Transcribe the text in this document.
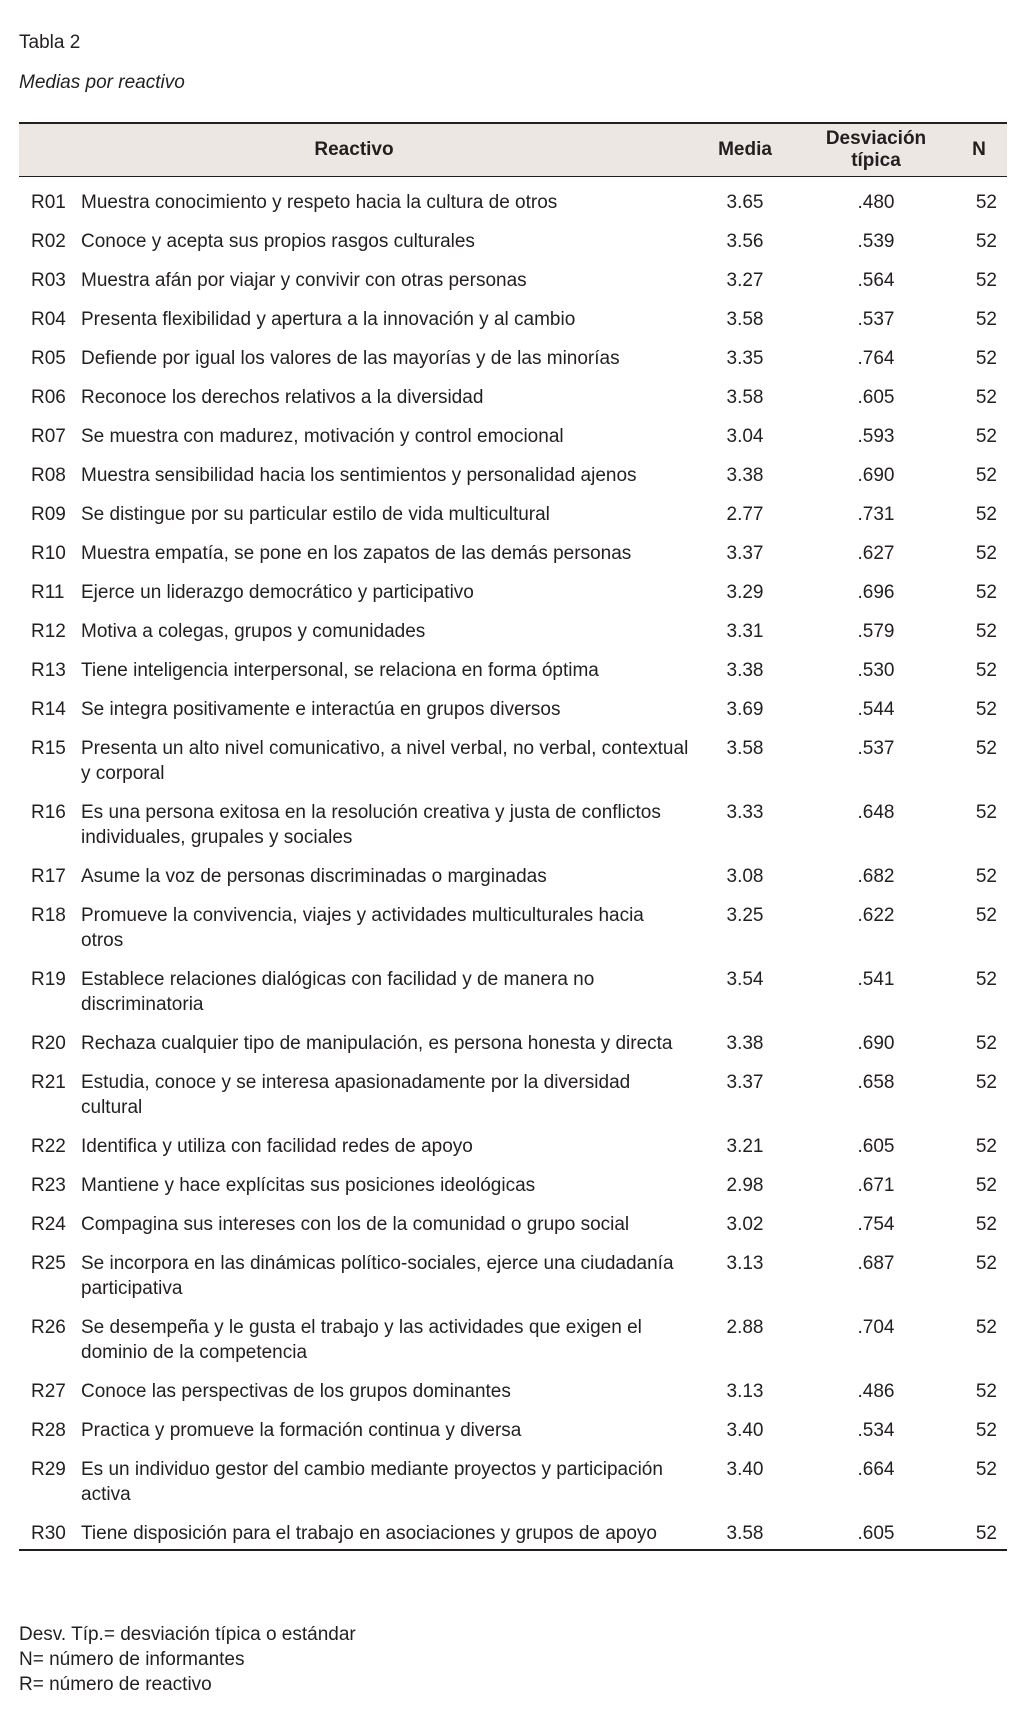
Tabla 2
Medias por reactivo
Reactivo		Media	Desviación típica	N
R01	Muestra conocimiento y respeto hacia la cultura de otros	3.65	.480	52
R02	Conoce y acepta sus propios rasgos culturales	3.56	.539	52
R03	Muestra afán por viajar y convivir con otras personas	3.27	.564	52
R04	Presenta flexibilidad y apertura a la innovación y al cambio	3.58	.537	52
R05	Defiende por igual los valores de las mayorías y de las minorías	3.35	.764	52
R06	Reconoce los derechos relativos a la diversidad	3.58	.605	52
R07	Se muestra con madurez, motivación y control emocional	3.04	.593	52
R08	Muestra sensibilidad hacia los sentimientos y personalidad ajenos	3.38	.690	52
R09	Se distingue por su particular estilo de vida multicultural	2.77	.731	52
R10	Muestra empatía, se pone en los zapatos de las demás personas	3.37	.627	52
R11	Ejerce un liderazgo democrático y participativo	3.29	.696	52
R12	Motiva a colegas, grupos y comunidades	3.31	.579	52
R13	Tiene inteligencia interpersonal, se relaciona en forma óptima	3.38	.530	52
R14	Se integra positivamente e interactúa en grupos diversos	3.69	.544	52
R15	Presenta un alto nivel comunicativo, a nivel verbal, no verbal, contextual y corporal	3.58	.537	52
R16	Es una persona exitosa en la resolución creativa y justa de conflictos individuales, grupales y sociales	3.33	.648	52
R17	Asume la voz de personas discriminadas o marginadas	3.08	.682	52
R18	Promueve la convivencia, viajes y actividades multiculturales hacia otros	3.25	.622	52
R19	Establece relaciones dialógicas con facilidad y de manera no discriminatoria	3.54	.541	52
R20	Rechaza cualquier tipo de manipulación, es persona honesta y directa	3.38	.690	52
R21	Estudia, conoce y se interesa apasionadamente por la diversidad cultural	3.37	.658	52
R22	Identifica y utiliza con facilidad redes de apoyo	3.21	.605	52
R23	Mantiene y hace explícitas sus posiciones ideológicas	2.98	.671	52
R24	Compagina sus intereses con los de la comunidad o grupo social	3.02	.754	52
R25	Se incorpora en las dinámicas político-sociales, ejerce una ciudadanía participativa	3.13	.687	52
R26	Se desempeña y le gusta el trabajo y las actividades que exigen el dominio de la competencia	2.88	.704	52
R27	Conoce las perspectivas de los grupos dominantes	3.13	.486	52
R28	Practica y promueve la formación continua y diversa	3.40	.534	52
R29	Es un individuo gestor del cambio mediante proyectos y participación activa	3.40	.664	52
R30	Tiene disposición para el trabajo en asociaciones y grupos de apoyo	3.58	.605	52
Desv. Típ.= desviación típica o estándar
N= número de informantes
R= número de reactivo
